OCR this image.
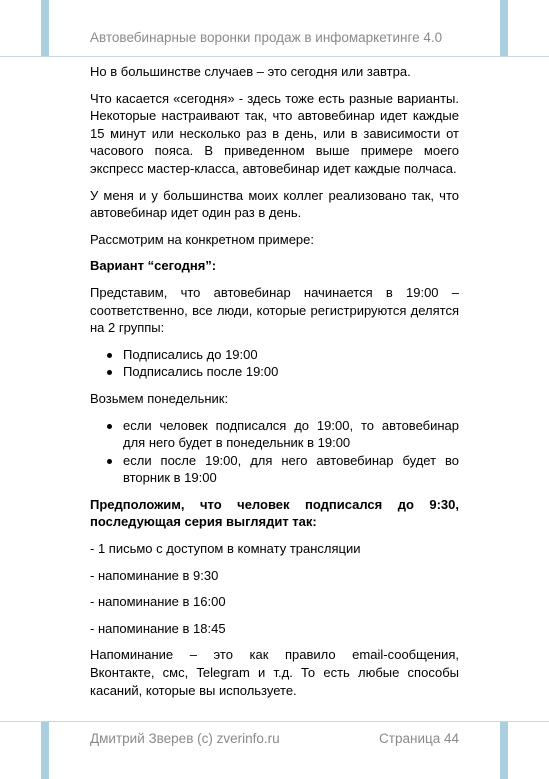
Автовебинарные воронки продаж в инфомаркетинге 4.0

Но в большинстве случаев – это сегодня или завтра.

Что касается «сегодня» - здесь тоже есть разные варианты. Некоторые настраивают так, что автовебинар идет каждые 15 минут или несколько раз в день, или в зависимости от часового пояса. В приведенном выше примере моего экспресс мастер-класса, автовебинар идет каждые полчаса.

У меня и у большинства моих коллег реализовано так, что автовебинар идет один раз в день.

Рассмотрим на конкретном примере:

Вариант “сегодня”:

Представим, что автовебинар начинается в 19:00 – соответственно, все люди, которые регистрируются делятся на 2 группы:

Подписались до 19:00
Подписались после 19:00

Возьмем понедельник:

если человек подписался до 19:00, то автовебинар для него будет в понедельник в 19:00
если после 19:00, для него автовебинар будет во вторник в 19:00

Предположим, что человек подписался до 9:30, последующая серия выглядит так:

- 1 письмо с доступом в комнату трансляции

- напоминание в 9:30

- напоминание в 16:00

- напоминание в 18:45

Напоминание – это как правило email-сообщения, Вконтакте, смс, Telegram и т.д. То есть любые способы касаний, которые вы используете.

Дмитрий Зверев (c) zverinfo.ru	Страница 44
